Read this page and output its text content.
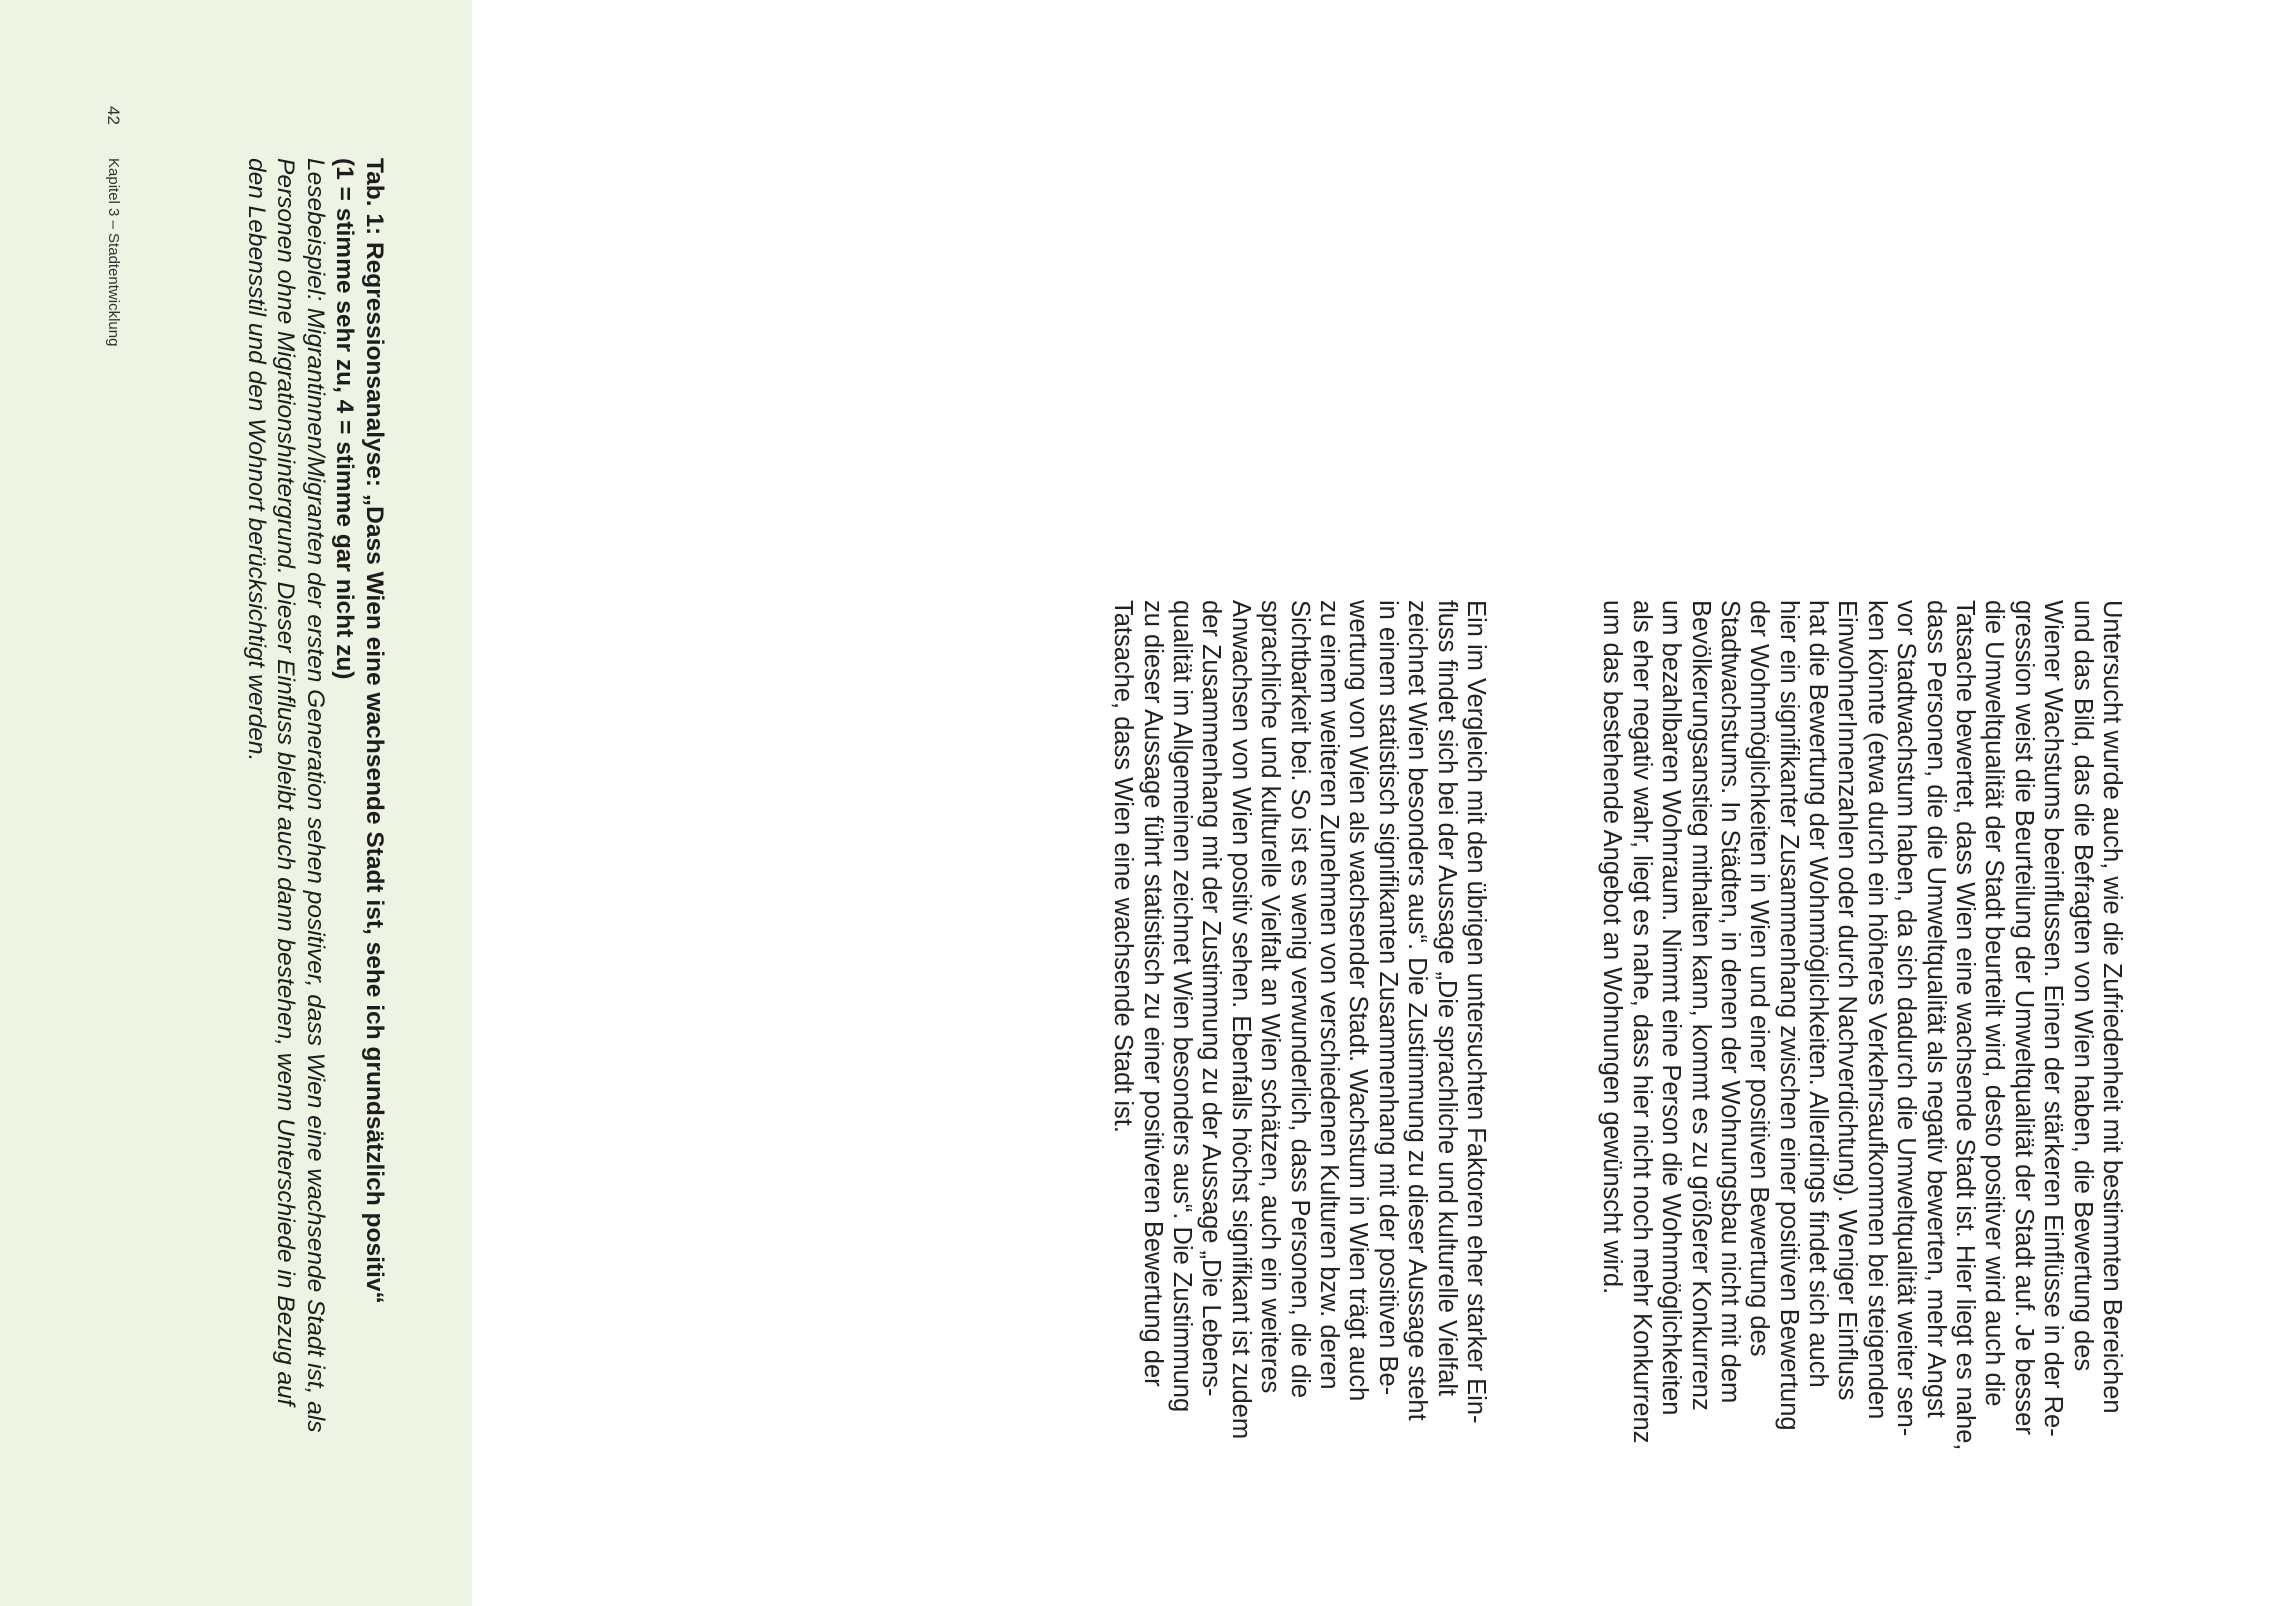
42
Kapitel 3 – Stadtentwicklung	Tab. 1: Regressionsanalyse: „Dass Wien eine wachsende Stadt ist, sehe ich grundsätzlich positiv“
(1 = stimme sehr zu, 4 = stimme gar nicht zu)
Lesebeispiel: Migrantinnen/Migranten der ersten Generation sehen positiver, dass Wien eine wachsende Stadt ist, als
Personen ohne Migrationshintergrund. Dieser Einfluss bleibt auch dann bestehen, wenn Unterschiede in Bezug auf
den Lebensstil und den Wohnort berücksichtigt werden.
Untersucht wurde auch, wie die Zufriedenheit mit bestimmten Bereichen
und das Bild, das die Befragten von Wien haben, die Bewertung des
Wiener Wachstums beeinflussen. Einen der stärkeren Einflüsse in der Re-
gression weist die Beurteilung der Umweltqualität der Stadt auf. Je besser
die Umweltqualität der Stadt beurteilt wird, desto positiver wird auch die
Tatsache bewertet, dass Wien eine wachsende Stadt ist. Hier liegt es nahe,
dass Personen, die die Umweltqualität als negativ bewerten, mehr Angst
vor Stadtwachstum haben, da sich dadurch die Umweltqualität weiter sen-
ken könnte (etwa durch ein höheres Verkehrsaufkommen bei steigenden
EinwohnerInnenzahlen oder durch Nachverdichtung). Weniger Einfluss
hat die Bewertung der Wohnmöglichkeiten. Allerdings findet sich auch
hier ein signifikanter Zusammenhang zwischen einer positiven Bewertung
der Wohnmöglichkeiten in Wien und einer positiven Bewertung des
Stadtwachstums. In Städten, in denen der Wohnungsbau nicht mit dem
Bevölkerungsanstieg mithalten kann, kommt es zu größerer Konkurrenz
um bezahlbaren Wohnraum. Nimmt eine Person die Wohnmöglichkeiten
als eher negativ wahr, liegt es nahe, dass hier nicht noch mehr Konkurrenz
um das bestehende Angebot an Wohnungen gewünscht wird.
Ein im Vergleich mit den übrigen untersuchten Faktoren eher starker Ein-
fluss findet sich bei der Aussage „Die sprachliche und kulturelle Vielfalt
zeichnet Wien besonders aus“. Die Zustimmung zu dieser Aussage steht
in einem statistisch signifikanten Zusammenhang mit der positiven Be-
wertung von Wien als wachsender Stadt. Wachstum in Wien trägt auch
zu einem weiteren Zunehmen von verschiedenen Kulturen bzw. deren
Sichtbarkeit bei. So ist es wenig verwunderlich, dass Personen, die die
sprachliche und kulturelle Vielfalt an Wien schätzen, auch ein weiteres
Anwachsen von Wien positiv sehen. Ebenfalls höchst signifikant ist zudem
der Zusammenhang mit der Zustimmung zu der Aussage „Die Lebens-
qualität im Allgemeinen zeichnet Wien besonders aus“. Die Zustimmung
zu dieser Aussage führt statistisch zu einer positiveren Bewertung der
Tatsache, dass Wien eine wachsende Stadt ist.
